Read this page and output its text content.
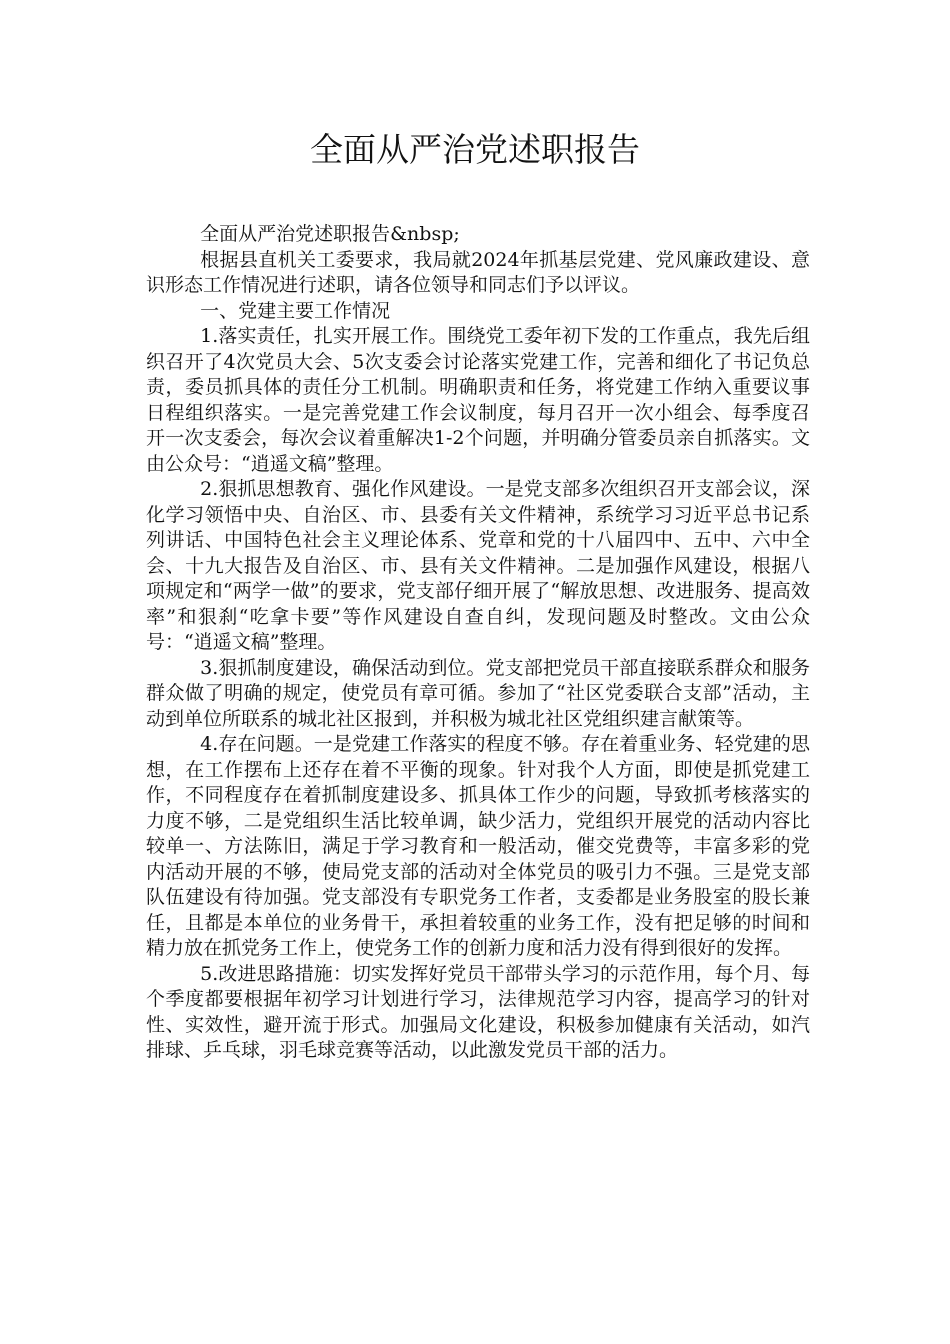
全面从严治党述职报告

全面从严治党述职报告&nbsp;

根据县直机关工委要求，我局就2024年抓基层党建、党风廉政建设、意识形态工作情况进行述职，请各位领导和同志们予以评议。

一、党建主要工作情况

1.落实责任，扎实开展工作。围绕党工委年初下发的工作重点，我先后组织召开了4次党员大会、5次支委会讨论落实党建工作，完善和细化了书记负总责，委员抓具体的责任分工机制。明确职责和任务，将党建工作纳入重要议事日程组织落实。一是完善党建工作会议制度，每月召开一次小组会、每季度召开一次支委会，每次会议着重解决1-2个问题，并明确分管委员亲自抓落实。文由公众号：“逍遥文稿”整理。

2.狠抓思想教育、强化作风建设。一是党支部多次组织召开支部会议，深化学习领悟中央、自治区、市、县委有关文件精神，系统学习习近平总书记系列讲话、中国特色社会主义理论体系、党章和党的十八届四中、五中、六中全会、十九大报告及自治区、市、县有关文件精神。二是加强作风建设，根据八项规定和“两学一做”的要求，党支部仔细开展了“解放思想、改进服务、提高效率”和狠刹“吃拿卡要”等作风建设自查自纠，发现问题及时整改。文由公众号：“逍遥文稿”整理。

3.狠抓制度建设，确保活动到位。党支部把党员干部直接联系群众和服务群众做了明确的规定，使党员有章可循。参加了“社区党委联合支部”活动，主动到单位所联系的城北社区报到，并积极为城北社区党组织建言献策等。

4.存在问题。一是党建工作落实的程度不够。存在着重业务、轻党建的思想，在工作摆布上还存在着不平衡的现象。针对我个人方面，即使是抓党建工作，不同程度存在着抓制度建设多、抓具体工作少的问题，导致抓考核落实的力度不够，二是党组织生活比较单调，缺少活力，党组织开展党的活动内容比较单一、方法陈旧，满足于学习教育和一般活动，催交党费等，丰富多彩的党内活动开展的不够，使局党支部的活动对全体党员的吸引力不强。三是党支部队伍建设有待加强。党支部没有专职党务工作者，支委都是业务股室的股长兼任，且都是本单位的业务骨干，承担着较重的业务工作，没有把足够的时间和精力放在抓党务工作上，使党务工作的创新力度和活力没有得到很好的发挥。

5.改进思路措施：切实发挥好党员干部带头学习的示范作用，每个月、每个季度都要根据年初学习计划进行学习，法律规范学习内容，提高学习的针对性、实效性，避开流于形式。加强局文化建设，积极参加健康有关活动，如汽排球、乒乓球，羽毛球竞赛等活动，以此激发党员干部的活力。
